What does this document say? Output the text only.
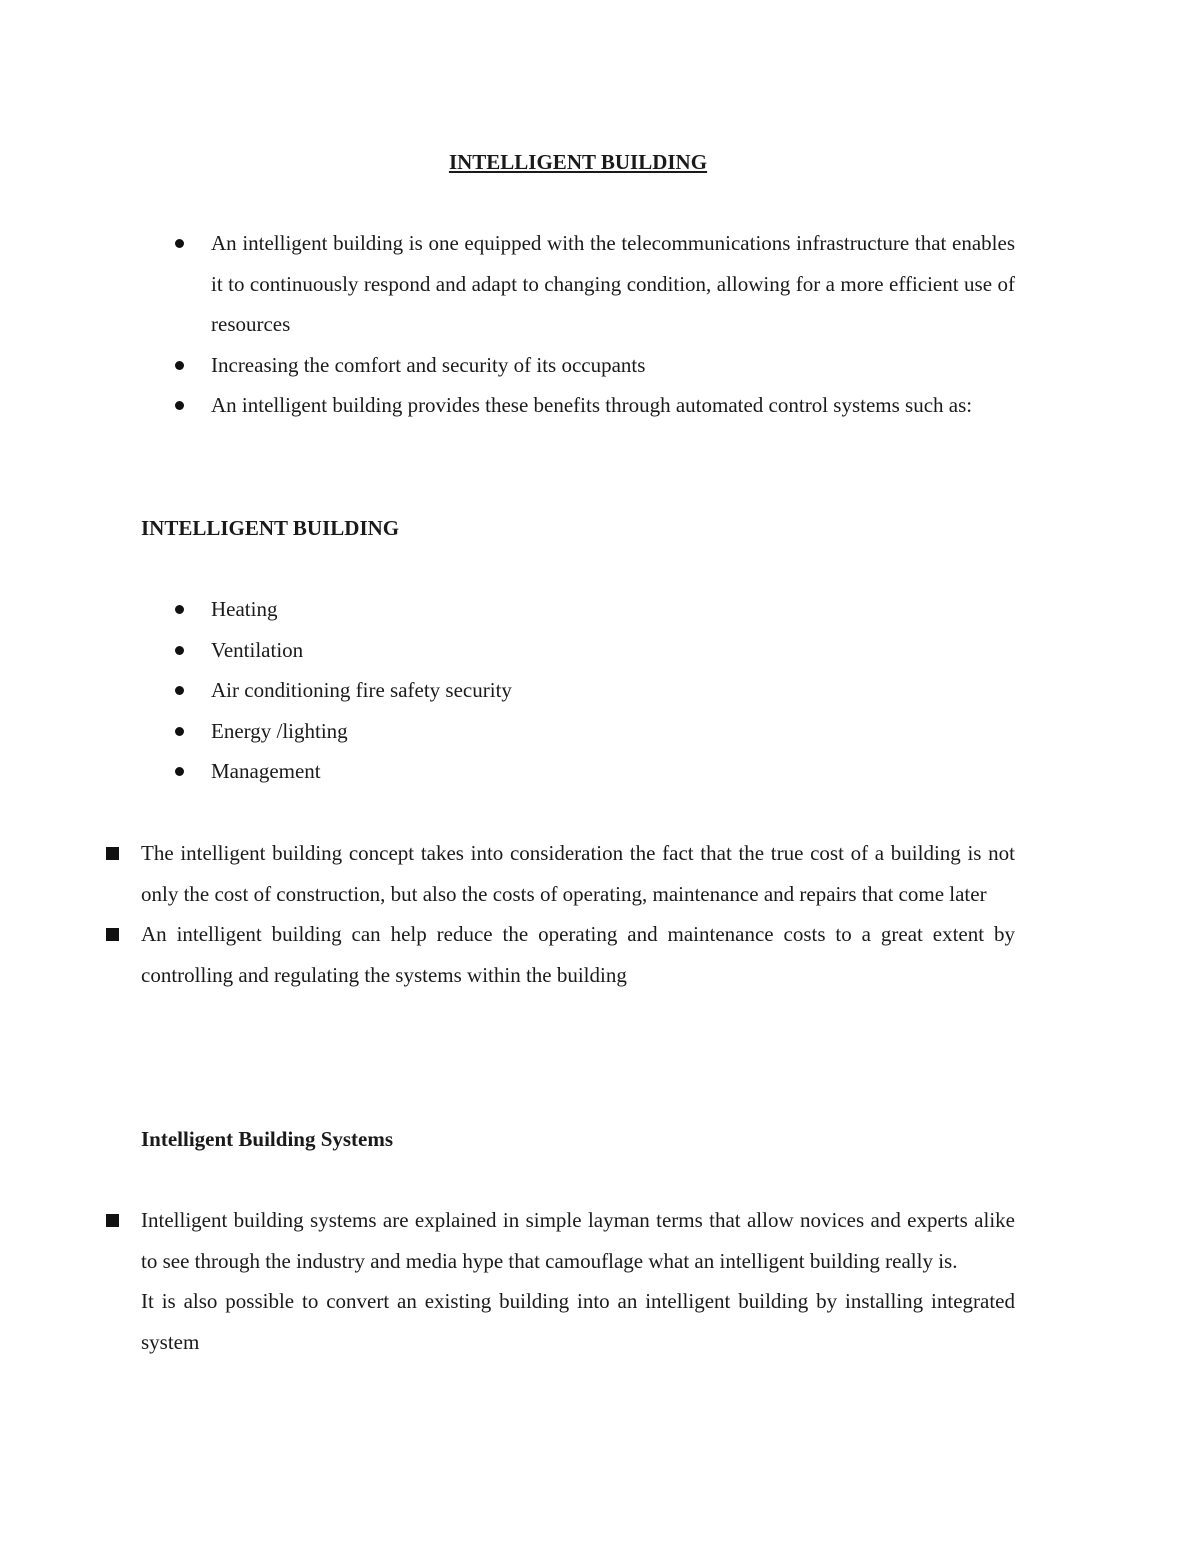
INTELLIGENT BUILDING
An intelligent building is one equipped with the telecommunications infrastructure that enables it to continuously respond and adapt to changing condition, allowing for a more efficient use of resources
Increasing the comfort and security of its occupants
An intelligent building provides these benefits through automated control systems such as:
INTELLIGENT BUILDING
Heating
Ventilation
Air conditioning fire safety security
Energy /lighting
Management
The intelligent building concept takes into consideration the fact that the true cost of a building is not only the cost of construction, but also the costs of operating, maintenance and repairs that come later
An intelligent building can help reduce the operating and maintenance costs to a great extent by controlling and regulating the systems within the building
Intelligent Building Systems
Intelligent building systems are explained in simple layman terms that allow novices and experts alike to see through the industry and media hype that camouflage what an intelligent building really is.
It is also possible to convert an existing building into an intelligent building by installing integrated system
